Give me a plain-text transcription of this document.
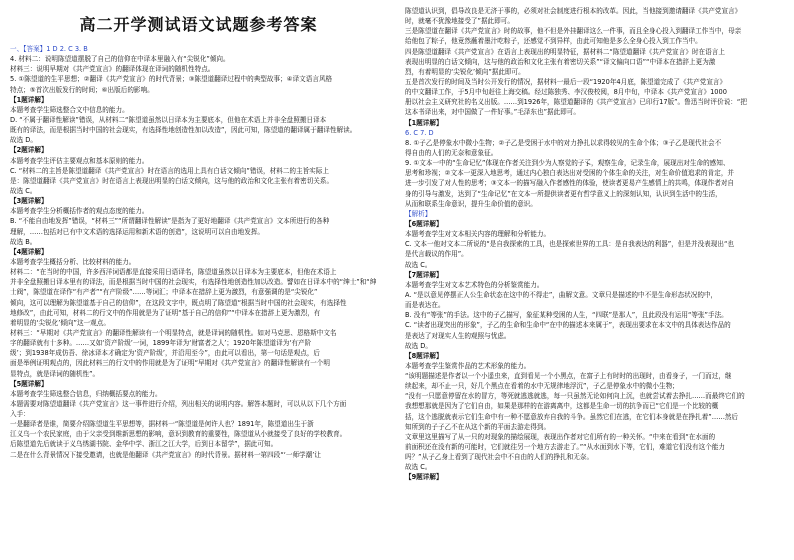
高二开学测试语文试题参考答案
一、【答案】1 D 2. C 3. B
4. 材料二：说明陈望道摆脱了自己的信仰在中译本里融入有“尖锐化”倾向。
材料三：说明早期对《共产党宣言》的翻译体现在译词的随机性特点。
5. ①陈望道的生平思想；②翻译《共产党宣言》的时代背景；③陈望道翻译过程中的典型故事；④译文语言风格
特点；⑤首次出版发行的时间；⑥出版后的影响。
【1题详解】
本题考查学生筛选整合文中信息的能力。
D. “不属于翻译性解读”错误，从材料二“陈望道虽然以日译本为主要底本，但他在术语上并非全盘照搬日译本
既有的译法，而是根据当时中国的社会现实，有选择性地创造性加以改造”，因此可知，陈望道的翻译属于翻译性解读。
故选 D。
【2题详解】
本题考查学生评估主要观点和基本原则的能力。
C. “材料二的主旨是陈望道翻译《共产党宣言》时在语言的选用上具有白话文倾向”错误，材料二的主旨实际上
是：陈望道翻译《共产党宣言》时在语言上表现出明显的白话文倾向，这与他的政治和文化主张有着密切关系。
故选 C。
【3题详解】
本题考查学生分析概括作者的观点态度的能力。
B. “不能自由地发挥”错误，“材料三”“所谓翻译性解读”是指为了更好地翻译《共产党宣言》文本所进行的各种
理解，……包括对已有中文术语的选择运用和新术语的创造”，这说明可以自由地发挥。
故选 B。
【4题详解】
本题考查学生概括分析、比较材料的能力。
材料二：“在当时的中国，许多西洋词语都是直接采用日语译名，陈望道虽然以日译本为主要底本，但他在术语上
并非全盘照搬日译本里有的译法，而是根据当时中国的社会现实，有选择性地创造性加以改造。譬如在日译本中的“绅士”和“绅
士阀”，陈望道在译作“有产者”“有产阶级”……等词汇；中译本在措辞上更为激烈，有意强调的是“尖锐化”
倾向，这可以理解为陈望道基于自己的信仰”，在这段文字中，既点明了陈望道“根据当时中国的社会现实，有选择性
地修改”，由此可知，材料二的行文中的作用就是为了证明“基于自己的信仰”“中译本在措辞上更为激烈，有
着明显的‘尖锐化’倾向”这一观点。
材料三：“早期对《共产党宣言》的翻译性解读有一个明显特点，就是译词的随机性。如对马克思、恩格斯中文名
字的翻译就有十多种。……又如‘资产阶级’一词，1899年译为‘财富者之人’；1920年陈望道译为‘有产阶
级’；到1938年成仿吾、徐冰译本才确定为‘资产阶级’，并沿用至今”，由此可以看出，第一句话是观点，后
面是举例证明观点的，因此材料三的行文中的作用就是为了证明“早期对《共产党宣言》的翻译性解读有一个明
显特点，就是译词的随机性”。
【5题详解】
本题考查学生筛选整合信息，归纳概括要点的能力。
本题需要对陈望道翻译《共产党宣言》这一事件进行介绍，列出相关的说明内容。解答本题时，可以从以下几个方面
入手：
一是翻译者是谁，简要介绍陈望道生平思想等，据材料一“陈望道是何许人也？1891年，陈望道出生于浙
江义乌一个农民家庭，由于父亲受到维新思想的影响，意识到教育的重要性，陈望道从小就接受了良好的学校教育。
后陈望道先后就读于义乌绣湖书院、金华中学、浙江之江大学，后到日本留学”，据此可知。
二是在什么背景情况下接受邀请，也就是他翻译《共产党宣言》的时代背景。据材料一第四段“‘一师学潮’让
陈望道认识到，倡导改良是无济于事的，必须对社会制度进行根本的改革。因此，当他接到邀请翻译《共产党宣言》
时，就毫不犹豫地接受了”据此即可。
三是陈望道在翻译《共产党宣言》时的故事，他不但是外挂翻译这么一件事，而且全身心投入到翻译工作当中，母亲
给他包了粽子，他竟然蘸着墨汁吃粽子，还感觉不到异样，由此可知他是多么全身心投入到工作当中。
四是陈望道翻译《共产党宣言》在语言上表现出的明显特征，据材料二“陈望道翻译《共产党宣言》时在语言上
表现出明显的白话文倾向，这与他的政治和文化主张有着密切关系”“译文偏向口语”“中译本在措辞上更为激
烈，有着明显的‘尖锐化’倾向”据此即可。
五是首次发行的时间及当时公开发行的情况，据材料一最后一段“1920年4月底，陈望道完成了《共产党宣言》
的中文翻译工作，于5月中旬赶往上海交稿。经过陈独秀、李汉俊校阅，8月中旬，中译本《共产党宣言》1000
册以社会主义研究社的名义出版。……到1926年，陈望道翻译的《共产党宣言》已印行17版”。鲁迅当时评价说：“把
这本书译出来，对中国做了一件好事。”毛泽东也”据此即可。
【1题详解】
6. C 7. D
8. ①子乙是停象水中微小生物；②子乙是受困于水中的对力挣扎以求得较见的生命个体；③子乙是现代社会不
得自由的人们的无奈和意象征。
9. ①文本一中的“生命记忆”体现在作者关注到少为人察觉的子孓，观察生命，记录生命，展现出对生命的感知、
思考和珍视；②文本一更深入地思考，通过内心独白表达出对受困的个体生命的关注，对生命价值追求的肯定，并
进一步引发了对人性的思考；③文本一的描写融入作者感性的体验，使读者更易产生感情上的共鸣，体现作者对自
身的引导与激发，达到了“生命记忆”在文本一所提供读者更有哲学意义上的深刻认知，认识到生活中的生活，
从而和联系生命意识，提升生命价值的意识。
【解析】
【6题详解】
本题考查学生对文本相关内容的理解和分析能力。
C. 文本一他对文本二所说的“是自我探索的工具，也是探索世界的工具：是自我表达的利器”，但是并没表现出“也
是代言载议的作用”。
故选 C。
【7题详解】
本题考查学生对文本艺术特色的分析鉴赏能力。
A. “是以意见停摆正人公生命状态在这中的不得走”，曲解文意。文章只是描述的中不是生命形态状况的中，
而是表达在。
B. 没有“等张”的手法。这中的子乙描写，象征某种受困的人生，“四联”是那人”，且此段没有运用“等张”手法。
C. “读者出现突出的形象”，子乙的生命和生命中“在中的描述本来属于”，表现出要求在本文中的具体表达作品的
是表达了对现实人生的观照与忧虑。
故选 D。
【8题详解】
本题考查学生鉴赏作品的艺术形象的能力。
“该明题描述是作者以一个小遥虫来，直到看见一个小黑点，在富子上有时时的出现时，由看身子，一门而过，继
续起来，却不止一只，好几个黑点在看着的水中无规律地浮沉”，子乙是停象水中的微小生物；
“没有一只愿意停留在水的冒方，等死就逃逃就逃，每一只虽然无论如何向上沉，也就尝试着去挣扎……而最终它们的
我想想那就是因为了它们自由，如果是那样的在游离离中，这都是生命一切的抗争而已“它们是一个比较的概
括，这个逃脱就表示它们生命中有一种不愿意放弃自我的斗争。虽然它们在逃，在它们本身就是在挣扎着”……然后
知所到的子子乙不在从这个新的平面去游走得到。
文章里这里描写了从一只的对现象的描绘展现，表现出作者对它们所有的一种关怀。“中来在看到“在水面的
前面积还在没有新的可能时，它们就往另一个地方去游走了。”“从水面到水下等，它们，难道它们没有这个能力
吗？”从子乙身上看到了现代社会中不自由的人们的挣扎和无奈。
故选 C。
【9题详解】
